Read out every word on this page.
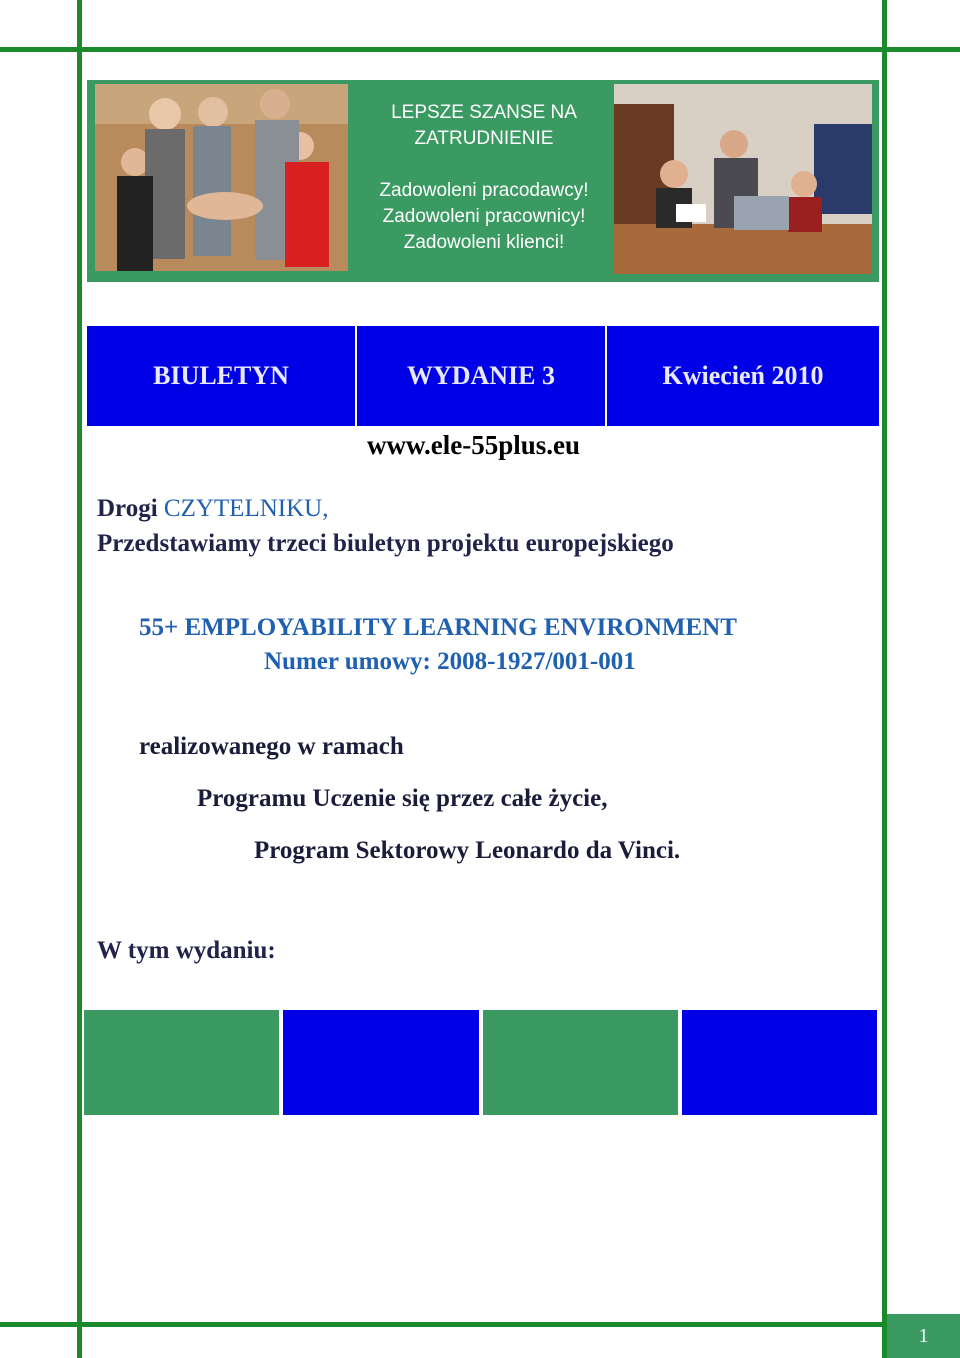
LEPSZE SZANSE NA ZATRUDNIENIE
Zadowoleni pracodawcy!
Zadowoleni pracownicy!
Zadowoleni klienci!
BIULETYN	WYDANIE 3	Kwiecień 2010
www.ele-55plus.eu
Drogi CZYTELNIKU,
Przedstawiamy trzeci biuletyn projektu europejskiego
55+ EMPLOYABILITY LEARNING ENVIRONMENT
Numer umowy: 2008-1927/001-001
realizowanego w ramach
Programu Uczenie się przez całe życie,
Program Sektorowy Leonardo da Vinci.
W tym wydaniu:
1
